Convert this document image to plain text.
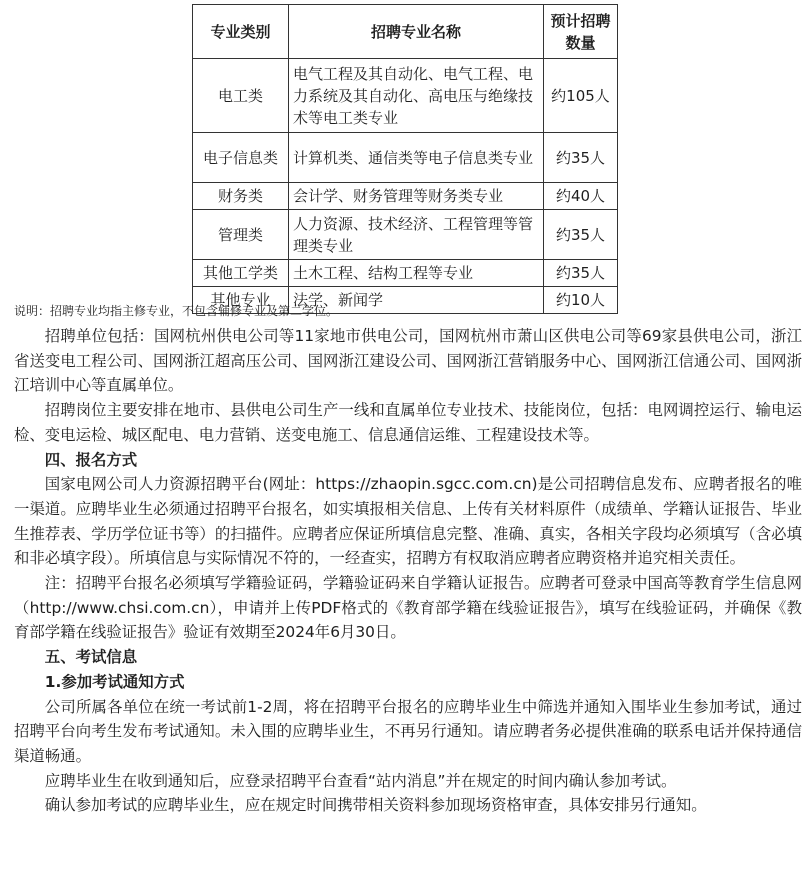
专业类别	招聘专业名称	预计招聘数量
电工类	电气工程及其自动化、电气工程、电力系统及其自动化、高电压与绝缘技术等电工类专业	约105人
电子信息类	计算机类、通信类等电子信息类专业	约35人
财务类	会计学、财务管理等财务类专业	约40人
管理类	人力资源、技术经济、工程管理等管理类专业	约35人
其他工学类	土木工程、结构工程等专业	约35人
其他专业	法学、新闻学	约10人

说明：招聘专业均指主修专业，不包含辅修专业及第二学位。

招聘单位包括：国网杭州供电公司等11家地市供电公司，国网杭州市萧山区供电公司等69家县供电公司，浙江省送变电工程公司、国网浙江超高压公司、国网浙江建设公司、国网浙江营销服务中心、国网浙江信通公司、国网浙江培训中心等直属单位。

招聘岗位主要安排在地市、县供电公司生产一线和直属单位专业技术、技能岗位，包括：电网调控运行、输电运检、变电运检、城区配电、电力营销、送变电施工、信息通信运维、工程建设技术等。

四、报名方式

国家电网公司人力资源招聘平台(网址：https://zhaopin.sgcc.com.cn)是公司招聘信息发布、应聘者报名的唯一渠道。应聘毕业生必须通过招聘平台报名，如实填报相关信息、上传有关材料原件（成绩单、学籍认证报告、毕业生推荐表、学历学位证书等）的扫描件。应聘者应保证所填信息完整、准确、真实，各相关字段均必须填写（含必填和非必填字段）。所填信息与实际情况不符的，一经查实，招聘方有权取消应聘者应聘资格并追究相关责任。

注：招聘平台报名必须填写学籍验证码，学籍验证码来自学籍认证报告。应聘者可登录中国高等教育学生信息网（http://www.chsi.com.cn），申请并上传PDF格式的《教育部学籍在线验证报告》，填写在线验证码，并确保《教育部学籍在线验证报告》验证有效期至2024年6月30日。

五、考试信息

1.参加考试通知方式

公司所属各单位在统一考试前1-2周，将在招聘平台报名的应聘毕业生中筛选并通知入围毕业生参加考试，通过招聘平台向考生发布考试通知。未入围的应聘毕业生，不再另行通知。请应聘者务必提供准确的联系电话并保持通信渠道畅通。

应聘毕业生在收到通知后，应登录招聘平台查看“站内消息”并在规定的时间内确认参加考试。

确认参加考试的应聘毕业生，应在规定时间携带相关资料参加现场资格审查，具体安排另行通知。
